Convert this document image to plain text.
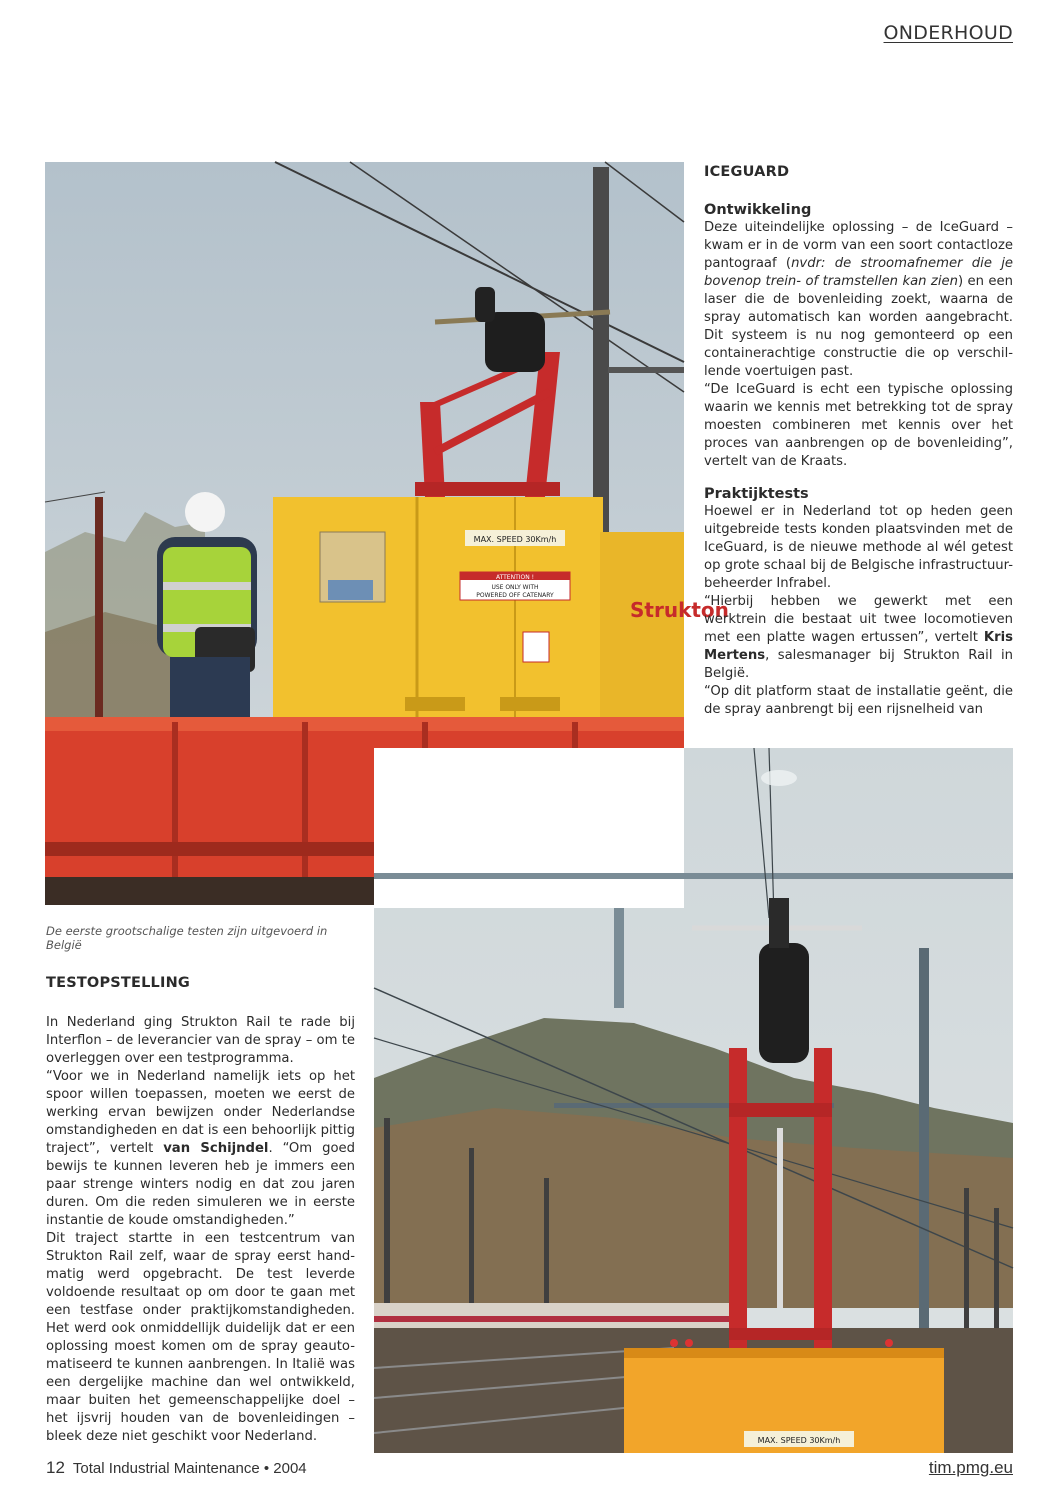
ONDERHOUD
MAX. SPEED 30Km/h
ATTENTION !
USE ONLY WITH
POWERED OFF CATENARY
Strukton
De eerste grootschalige testen zijn uitgevoerd in België
MAX. SPEED 30Km/h
ICEGUARD
Ontwikkeling

Deze uiteindelijke oplossing – de IceGuard – kwam er in de vorm van een soort contactloze pantograaf (nvdr: de stroomafnemer die je bovenop trein- of tramstellen kan zien) en een laser die de bovenleiding zoekt, waarna de spray automatisch kan worden aangebracht. Dit systeem is nu nog gemonteerd op een containerachtige constructie die op verschil-lende voertuigen past.

“De IceGuard is echt een typische oplossing waarin we kennis met betrekking tot de spray moesten combineren met kennis over het proces van aanbrengen op de bovenleiding”, vertelt van de Kraats.

Praktijktests

Hoewel er in Nederland tot op heden geen uitgebreide tests konden plaatsvinden met de IceGuard, is de nieuwe methode al wél getest op grote schaal bij de Belgische infrastructuur-beheerder Infrabel.

“Hierbij hebben we gewerkt met een werktrein die bestaat uit twee locomotieven met een platte wagen ertussen”, vertelt Kris Mertens, salesmanager bij Strukton Rail in België.

“Op dit platform staat de installatie geënt, die de spray aanbrengt bij een rijsnelheid van

TESTOPSTELLING

In Nederland ging Strukton Rail te rade bij Interflon – de leverancier van de spray – om te overleggen over een testprogramma.

“Voor we in Nederland namelijk iets op het spoor willen toepassen, moeten we eerst de werking ervan bewijzen onder Nederlandse omstandigheden en dat is een behoorlijk pittig traject”, vertelt van Schijndel. “Om goed bewijs te kunnen leveren heb je immers een paar strenge winters nodig en dat zou jaren duren. Om die reden simuleren we in eerste instantie de koude omstandigheden.”

Dit traject startte in een testcentrum van Strukton Rail zelf, waar de spray eerst hand-matig werd opgebracht. De test leverde voldoende resultaat op om door te gaan met een testfase onder praktijkomstandigheden. Het werd ook onmiddellijk duidelijk dat er een oplossing moest komen om de spray geauto-matiseerd te kunnen aanbrengen. In Italië was een dergelijke machine dan wel ontwikkeld, maar buiten het gemeenschappelijke doel – het ijsvrij houden van de bovenleidingen – bleek deze niet geschikt voor Nederland.

12 Total Industrial Maintenance • 2004	tim.pmg.eu
